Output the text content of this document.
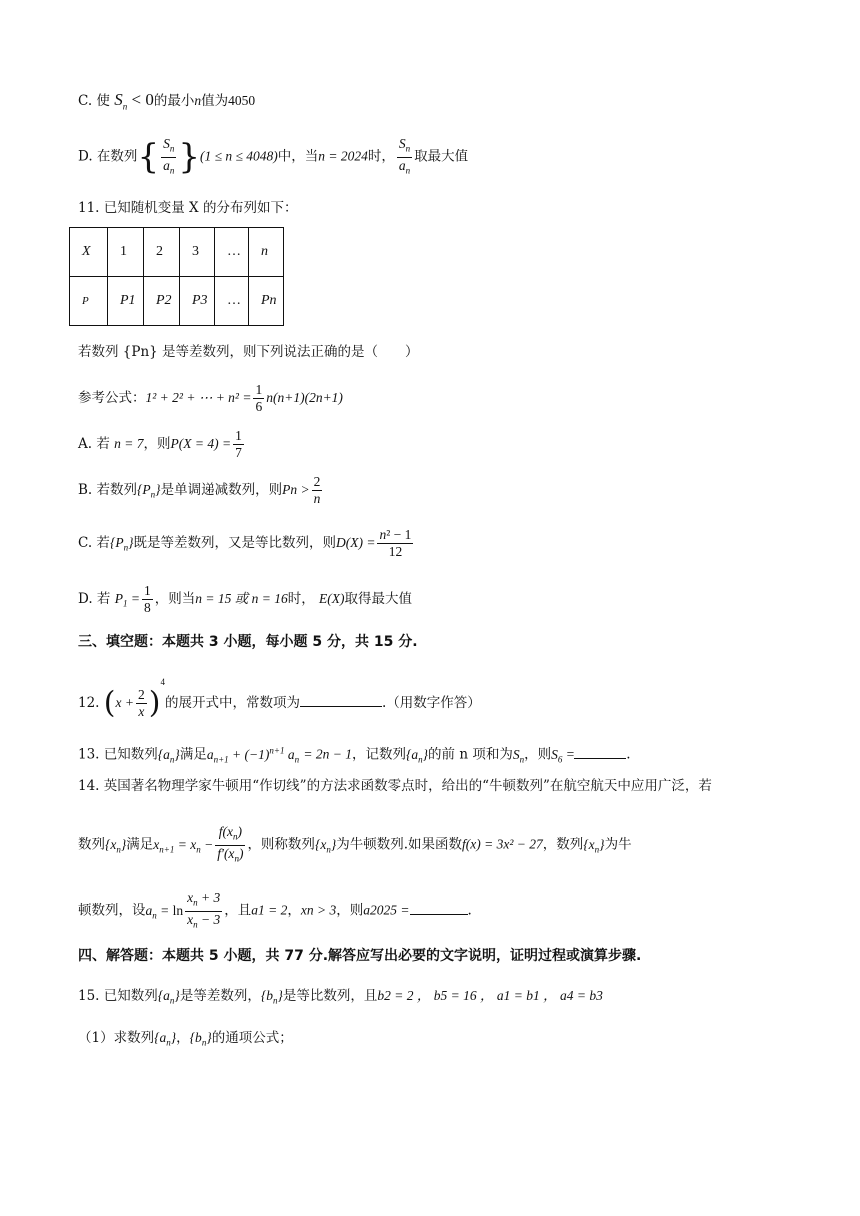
C. 使 $S_n < 0$的最小n值为4050
D. 在数列{ $\frac{S_n}{a_n} \}(1 \le n \le 4048)$中，当n = 2024时， $\frac{S_n}{a_n}$ 取最大值
11. 已知随机变量 X 的分布列如下：
X	1	2	3	…	n
P	P1	P2	P3	…	Pn
若数列 {Pn} 是等差数列，则下列说法正确的是（　　）
参考公式：1² + 2² + ⋯ + $n^2 = \frac{1}{6} n(n+1)(2n+1)$
A. 若 n = 7，则$P(X = 4) = \frac{1}{7}$
B. 若数列$\{P_n\}$是单调递减数列，则$Pn > \frac{2}{n}$
C. 若$\{P_n\}$既是等差数列，又是等比数列，则$D(X) = \frac{\text{n² − 1}}{12}$
D. 若 $P_1 = \frac{1}{8}$ ，则当n = 15 或 n = 16时， E(X)取得最大值
三、填空题：本题共 3 小题，每小题 5 分，共 15 分.
12. $(x + \frac{2}{x} )^4$的展开式中，常数项为	.（用数字作答）
13. 已知数列$\{a_n\}$满足$a_{n+1} + (-1)^{n+1}$ $a_n = 2n - 1$，记数列$\{a_n\}$的前 n 项和为$S_n$，则$S_6$ =	.
14. 英国著名物理学家牛顿用“作切线”的方法求函数零点时，给出的“牛顿数列”在航空航天中应用广泛，若
数列$\{x_n\}$满足$x_{n+1} = x_n - \frac{f(x_n)}{f'(x_n)}$ ，则称数列$\{x_n\}$为牛顿数列.如果函数f(x) = 3x² − 27，数列$\{x_n\}$为牛
顿数列，设$a_n = \ln \frac{x_n + 3}{x_n - 3}$ ，且a1 = 2，xn > 3，则a2025 =	.
四、解答题：本题共 5 小题，共 77 分.解答应写出必要的文字说明，证明过程或演算步骤.
15. 已知数列$\{a_n\}$是等差数列，$\{b_n\}$是等比数列，且b2 = 2 ， b5 = 16 ， a1 = b1 ， a4 = b3
（1）求数列$\{a_n\}$，$\{b_n\}$的通项公式；
